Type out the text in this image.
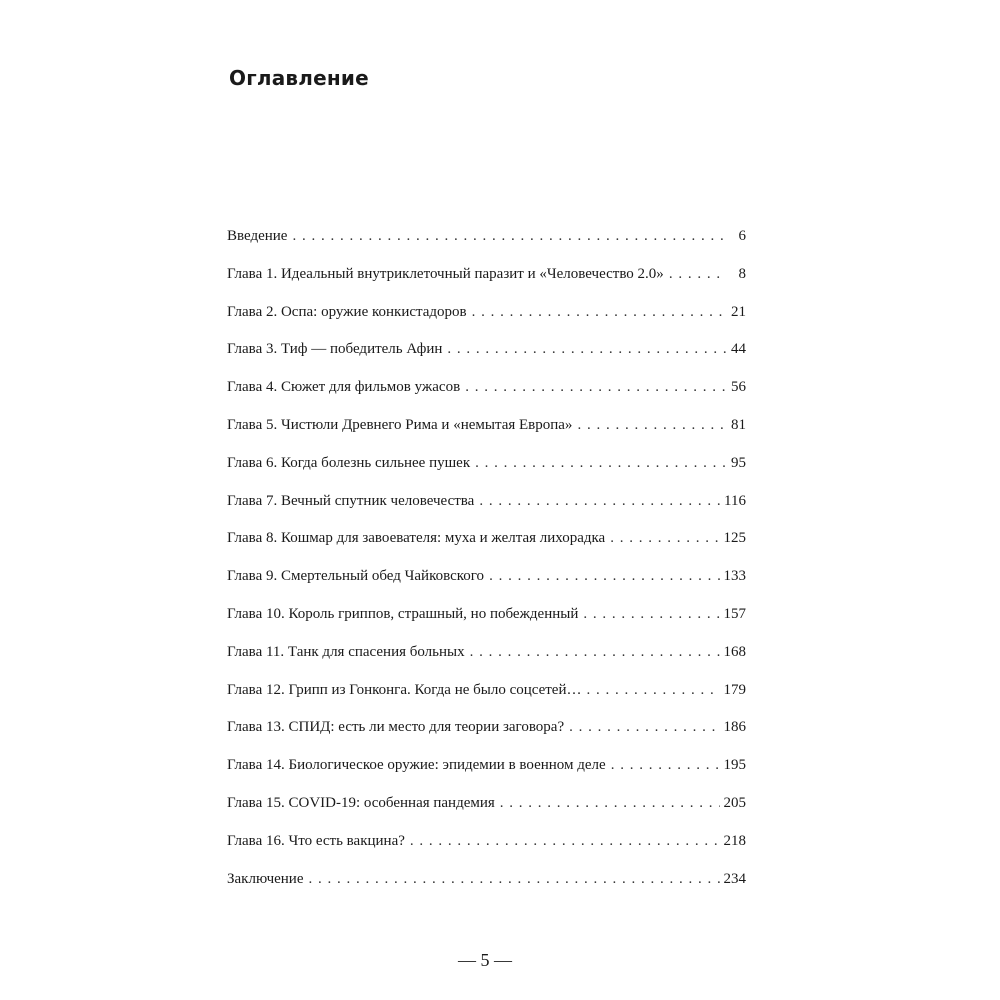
Оглавление
Введение . . .	6
Глава 1. Идеальный внутриклеточный паразит и «Человечество 2.0» . . .	8
Глава 2. Оспа: оружие конкистадоров . . .	21
Глава 3. Тиф — победитель Афин . . .	44
Глава 4. Сюжет для фильмов ужасов . . .	56
Глава 5. Чистюли Древнего Рима и «немытая Европа» . . .	81
Глава 6. Когда болезнь сильнее пушек . . .	95
Глава 7. Вечный спутник человечества . . .	116
Глава 8. Кошмар для завоевателя: муха и желтая лихорадка . . .	125
Глава 9. Смертельный обед Чайковского . . .	133
Глава 10. Король гриппов, страшный, но побежденный . . .	157
Глава 11. Танк для спасения больных . . .	168
Глава 12. Грипп из Гонконга. Когда не было соцсетей… . . .	179
Глава 13. СПИД: есть ли место для теории заговора? . . .	186
Глава 14. Биологическое оружие: эпидемии в военном деле . . .	195
Глава 15. COVID-19: особенная пандемия . . .	205
Глава 16. Что есть вакцина? . . .	218
Заключение . . .	234
— 5 —
